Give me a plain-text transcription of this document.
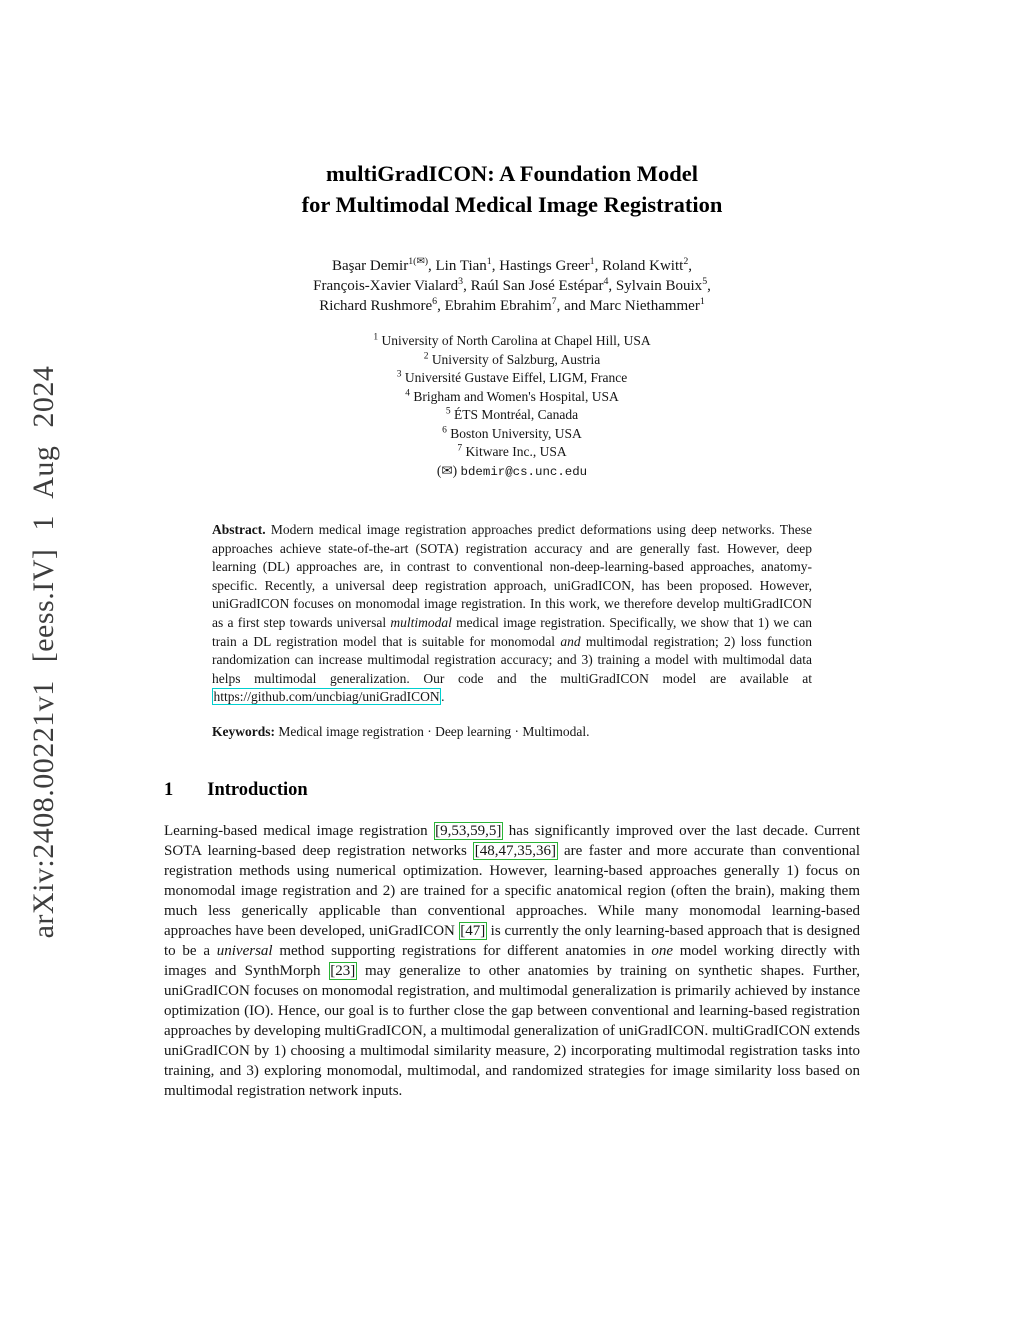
arXiv:2408.00221v1 [eess.IV] 1 Aug 2024
multiGradICON: A Foundation Model
for Multimodal Medical Image Registration
Başar Demir$^{1(✉)}$, Lin Tian$^1$, Hastings Greer$^1$, Roland Kwitt$^2$,
François-Xavier Vialard$^3$, Raúl San José Estépar$^4$, Sylvain Bouix$^5$,
Richard Rushmore$^6$, Ebrahim Ebrahim$^7$, and Marc Niethammer$^1$
$^1$ University of North Carolina at Chapel Hill, USA
$^2$ University of Salzburg, Austria
$^3$ Université Gustave Eiffel, LIGM, France
$^4$ Brigham and Women's Hospital, USA
$^5$ ÉTS Montréal, Canada
$^6$ Boston University, USA
$^7$ Kitware Inc., USA
(✉) bdemir@cs.unc.edu

Abstract. Modern medical image registration approaches predict deformations using deep networks. These approaches achieve state-of-the-art (SOTA) registration accuracy and are generally fast. However, deep learning (DL) approaches are, in contrast to conventional non-deep-learning-based approaches, anatomy-specific. Recently, a universal deep registration approach, uniGradICON, has been proposed. However, uniGradICON focuses on monomodal image registration. In this work, we therefore develop multiGradICON as a first step towards universal multimodal medical image registration. Specifically, we show that 1) we can train a DL registration model that is suitable for monomodal and multimodal registration; 2) loss function randomization can increase multimodal registration accuracy; and 3) training a model with multimodal data helps multimodal generalization. Our code and the multiGradICON model are available at https://github.com/uncbiag/uniGradICON .

Keywords: Medical image registration · Deep learning · Multimodal.

1 Introduction

Learning-based medical image registration [9,53,59,5] has significantly improved over the last decade. Current SOTA learning-based deep registration networks [48,47,35,36] are faster and more accurate than conventional registration methods using numerical optimization. However, learning-based approaches generally 1) focus on monomodal image registration and 2) are trained for a specific anatomical region (often the brain), making them much less generically applicable than conventional approaches. While many monomodal learning-based approaches have been developed, uniGradICON [47] is currently the only learning-based approach that is designed to be a universal method supporting registrations for different anatomies in one model working directly with images and SynthMorph [23] may generalize to other anatomies by training on synthetic shapes. Further, uniGradICON focuses on monomodal registration, and multimodal generalization is primarily achieved by instance optimization (IO). Hence, our goal is to further close the gap between conventional and learning-based registration approaches by developing multiGradICON, a multimodal generalization of uniGradICON. multiGradICON extends uniGradICON by 1) choosing a multimodal similarity measure, 2) incorporating multimodal registration tasks into training, and 3) exploring monomodal, multimodal, and randomized strategies for image similarity loss based on multimodal registration network inputs.
